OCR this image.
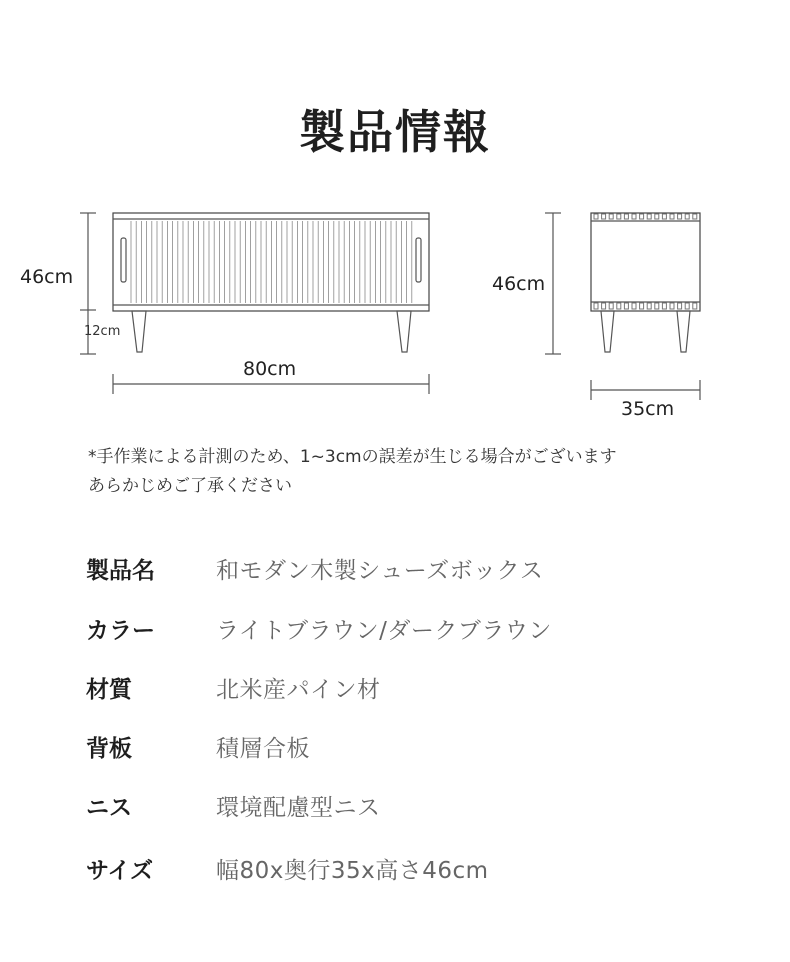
製品情報
46cm
12cm
80cm
46cm
35cm
*手作業による計測のため、1~3cmの誤差が生じる場合がございます
あらかじめご了承ください
製品名	和モダン木製シューズボックス
カラー	ライトブラウン/ダークブラウン
材質	北米産パイン材
背板	積層合板
ニス	環境配慮型ニス
サイズ	幅80x奥行35x高さ46cm
